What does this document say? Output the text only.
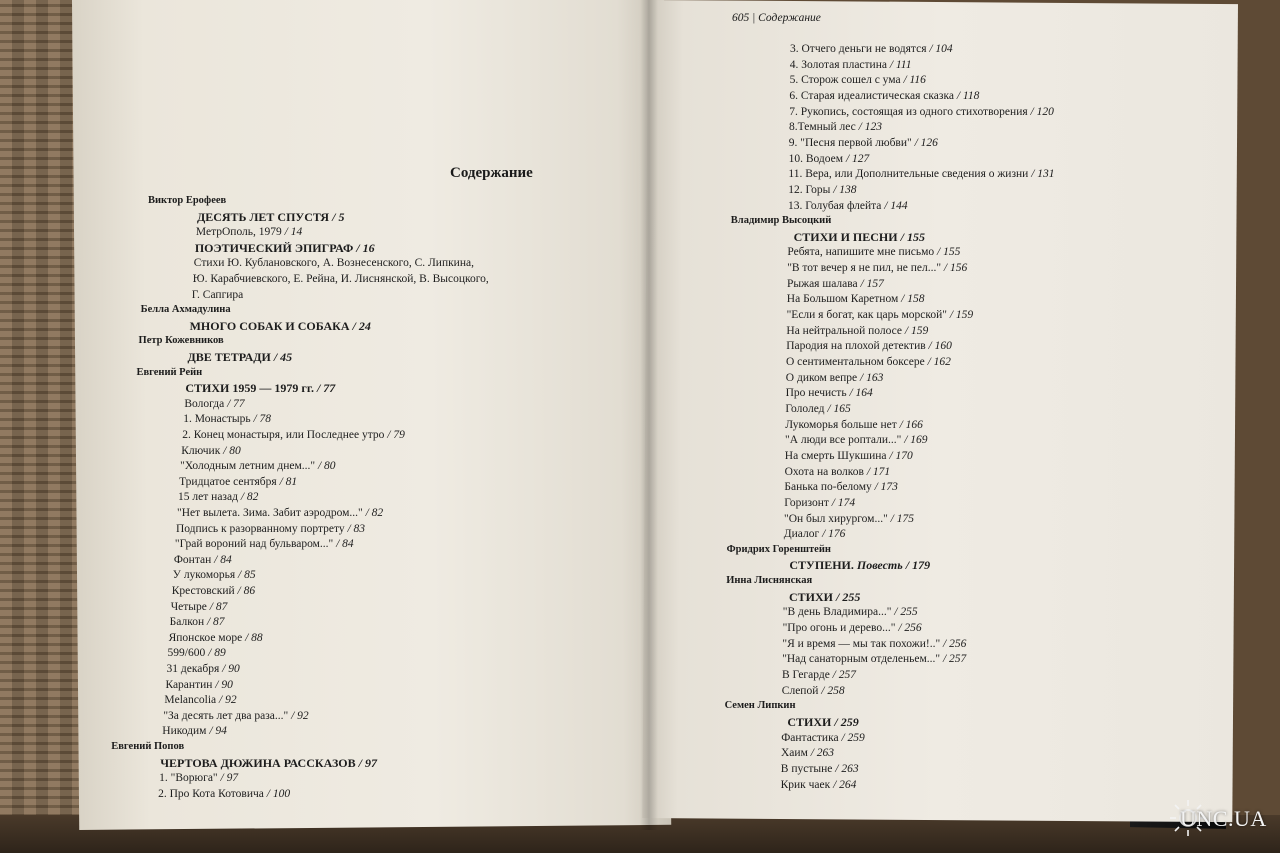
Содержание
605 | Содержание
Виктор Ерофеев
ДЕСЯТЬ ЛЕТ СПУСТЯ / 5
МетрОполь, 1979 / 14
ПОЭТИЧЕСКИЙ ЭПИГРАФ / 16
Стихи Ю. Кублановского, А. Вознесенского, С. Липкина,
Ю. Карабчиевского, Е. Рейна, И. Лиснянской, В. Высоцкого,
Г. Сапгира
Белла Ахмадулина
МНОГО СОБАК И СОБАКА / 24
Петр Кожевников
ДВЕ ТЕТРАДИ / 45
Евгений Рейн
СТИХИ 1959 — 1979 гг. / 77
Вологда / 77
1. Монастырь / 78
2. Конец монастыря, или Последнее утро / 79
Ключик / 80
"Холодным летним днем..." / 80
Тридцатое сентября / 81
15 лет назад / 82
"Нет вылета. Зима. Забит аэродром..." / 82
Подпись к разорванному портрету / 83
"Грай вороний над бульваром..." / 84
Фонтан / 84
У лукоморья / 85
Крестовский / 86
Четыре / 87
Балкон / 87
Японское море / 88
599/600 / 89
31 декабря / 90
Карантин / 90
Melancolia / 92
"За десять лет два раза..." / 92
Никодим / 94
Евгений Попов
ЧЕРТОВА ДЮЖИНА РАССКАЗОВ / 97
1. "Ворюга" / 97
2. Про Кота Котовича / 100
3. Отчего деньги не водятся / 104
4. Золотая пластина / 111
5. Сторож сошел с ума / 116
6. Старая идеалистическая сказка / 118
7. Рукопись, состоящая из одного стихотворения / 120
8.Темный лес / 123
9. "Песня первой любви" / 126
10. Водоем / 127
11. Вера, или Дополнительные сведения о жизни / 131
12. Горы / 138
13. Голубая флейта / 144
Владимир Высоцкий
СТИХИ И ПЕСНИ / 155
Ребята, напишите мне письмо / 155
"В тот вечер я не пил, не пел..." / 156
Рыжая шалава / 157
На Большом Каретном / 158
"Если я богат, как царь морской" / 159
На нейтральной полосе / 159
Пародия на плохой детектив / 160
О сентиментальном боксере / 162
О диком вепре / 163
Про нечисть / 164
Гололед / 165
Лукоморья больше нет / 166
"А люди все роптали..." / 169
На смерть Шукшина / 170
Охота на волков / 171
Банька по-белому / 173
Горизонт / 174
"Он был хирургом..." / 175
Диалог / 176
Фридрих Горенштейн
СТУПЕНИ. Повесть / 179
Инна Лиснянская
СТИХИ / 255
"В день Владимира..." / 255
"Про огонь и дерево..." / 256
"Я и время — мы так похожи!.." / 256
"Над санаторным отделеньем..." / 257
В Гегарде / 257
Слепой / 258
Семен Липкин
СТИХИ / 259
Фантастика / 259
Хаим / 263
В пустыне / 263
Крик чаек / 264
UNC.UA
